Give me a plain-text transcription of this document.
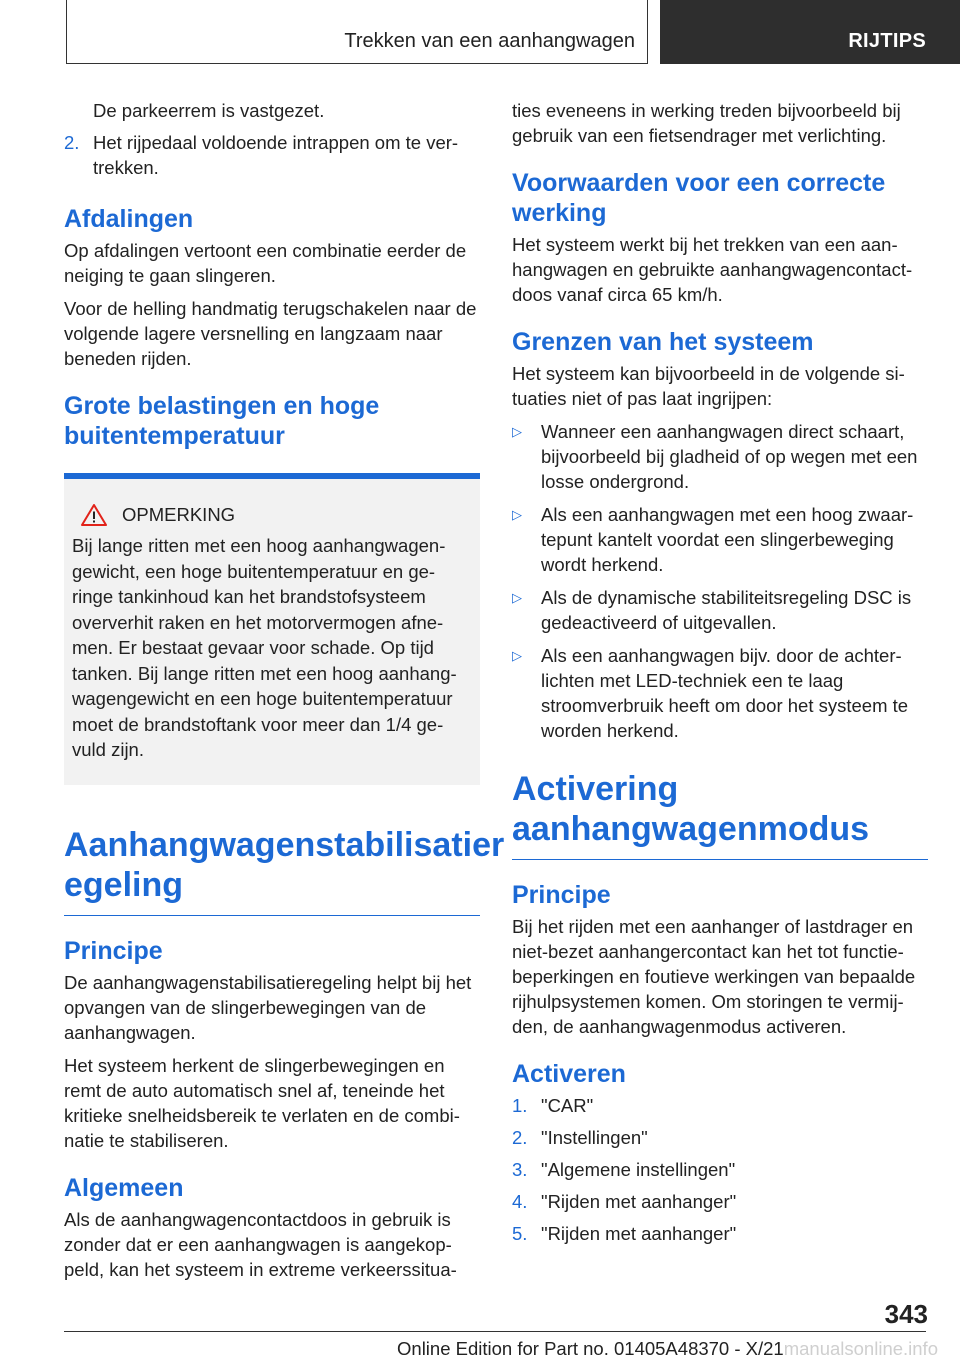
Trekken van een aanhangwagen	RIJTIPS
De parkeerrem is vastgezet.
2. Het rijpedaal voldoende intrappen om te ver-trekken.
Afdalingen

Op afdalingen vertoont een combinatie eerder de neiging te gaan slingeren.

Voor de helling handmatig terugschakelen naar de volgende lagere versnelling en langzaam naar beneden rijden.

Grote belastingen en hoge buitentemperatuur
OPMERKING

Bij lange ritten met een hoog aanhangwagen-gewicht, een hoge buitentemperatuur en ge-ringe tankinhoud kan het brandstofsysteem oververhit raken en het motorvermogen afne-men. Er bestaat gevaar voor schade. Op tijd tanken. Bij lange ritten met een hoog aanhang-wagengewicht en een hoge buitentemperatuur moet de brandstoftank voor meer dan 1/4 ge-vuld zijn.

Aanhangwagenstabilisatier egeling
Principe

De aanhangwagenstabilisatieregeling helpt bij het opvangen van de slingerbewegingen van de aanhangwagen.

Het systeem herkent de slingerbewegingen en remt de auto automatisch snel af, teneinde het kritieke snelheidsbereik te verlaten en de combi-natie te stabiliseren.

Algemeen

Als de aanhangwagencontactdoos in gebruik is zonder dat er een aanhangwagen is aangekop-peld, kan het systeem in extreme verkeerssitua-

ties eveneens in werking treden bijvoorbeeld bij gebruik van een fietsendrager met verlichting.

Voorwaarden voor een correcte werking

Het systeem werkt bij het trekken van een aan-hangwagen en gebruikte aanhangwagencontact-doos vanaf circa 65 km/h.

Grenzen van het systeem

Het systeem kan bijvoorbeeld in de volgende si-tuaties niet of pas laat ingrijpen:

▷	Wanneer een aanhangwagen direct schaart, bijvoorbeeld bij gladheid of op wegen met een losse ondergrond.
▷	Als een aanhangwagen met een hoog zwaar-tepunt kantelt voordat een slingerbeweging wordt herkend.
▷	Als de dynamische stabiliteitsregeling DSC is gedeactiveerd of uitgevallen.
▷	Als een aanhangwagen bijv. door de achter-lichten met LED-techniek een te laag stroomverbruik heeft om door het systeem te worden herkend.
Activering aanhangwagenmodus
Principe

Bij het rijden met een aanhanger of lastdrager en niet-bezet aanhangercontact kan het tot functie-beperkingen en foutieve werkingen van bepaalde rijhulpsystemen komen. Om storingen te vermij-den, de aanhangwagenmodus activeren.

Activeren
1. "CAR"
2. "Instellingen"
3. "Algemene instellingen"
4. "Rijden met aanhanger"
5. "Rijden met aanhanger"
343
Online Edition for Part no. 01405A48370 - X/21manualsonline.info
